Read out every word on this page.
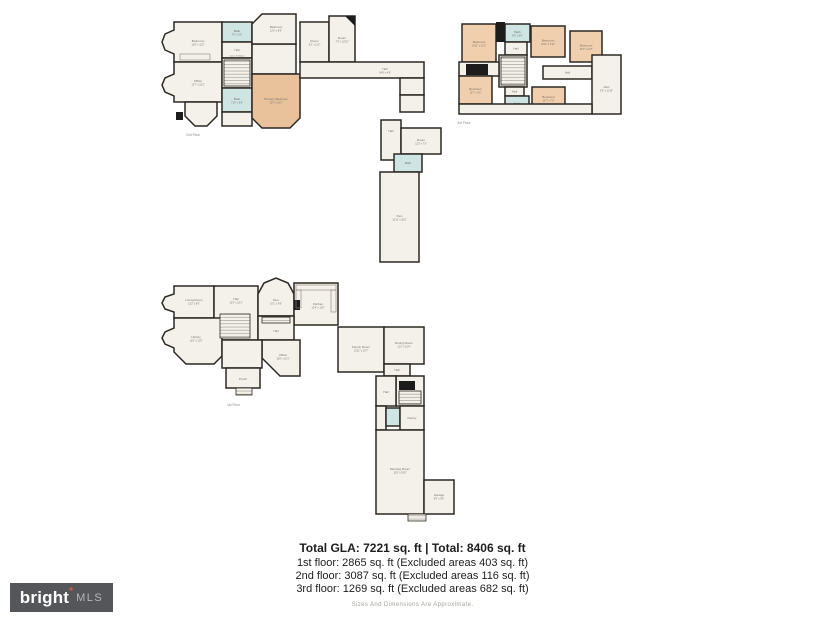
Bedroom
13'5" x 11'2"
Office
12'7" x 10'1"
Bath
7'6" x 5'9"
Hall
Bath
7'10" x 6'8"
Bedroom
12'0" x 8'5"
Primary Bedroom
13'5" x 15'1"
Room
8'1" x 11'2"
Room
7'3" x 12'10"
Hall
34'8" x 4'6"
Hall
Room
11'2" x 7'3"
Bath
Den
10'11" x 25'2"
Open To Below
2nd Floor
Bedroom
10'11" x 12'2"
Bath
8'0" x 5'9"
Bedroom
10'11" x 9'11"	Bedroom
10'3" x 10'3"
Hall
Bedroom
10'7" x 9'0"	Hall
Bedroom
10'7" x 7'0"
Hall
Attic
9'3" x 11'10"
3rd Floor
Living Room
11'2" x 9'0"
Hall
12'3" x 15'1"
Library
13'5" x 11'9"
Den
10'1" x 9'6"	Kitchen
12'4" x 11'9"
Hall
Office
10'8" x 10'1"
Porch
Family Room
12'11" x 12'7"
Dining Room
11'2" x 10'4"
Hall
Hall
Pantry
Morning Room
13'5" x 23'6"
Garage
8'5" x 9'6"
1st Floor
Total GLA: 7221 sq. ft | Total: 8406 sq. ft
1st floor: 2865 sq. ft (Excluded areas 403 sq. ft)
2nd floor: 3087 sq. ft (Excluded areas 116 sq. ft)
3rd floor: 1269 sq. ft (Excluded areas 682 sq. ft)
Sizes And Dimensions Are Approximate.
bright * MLS
